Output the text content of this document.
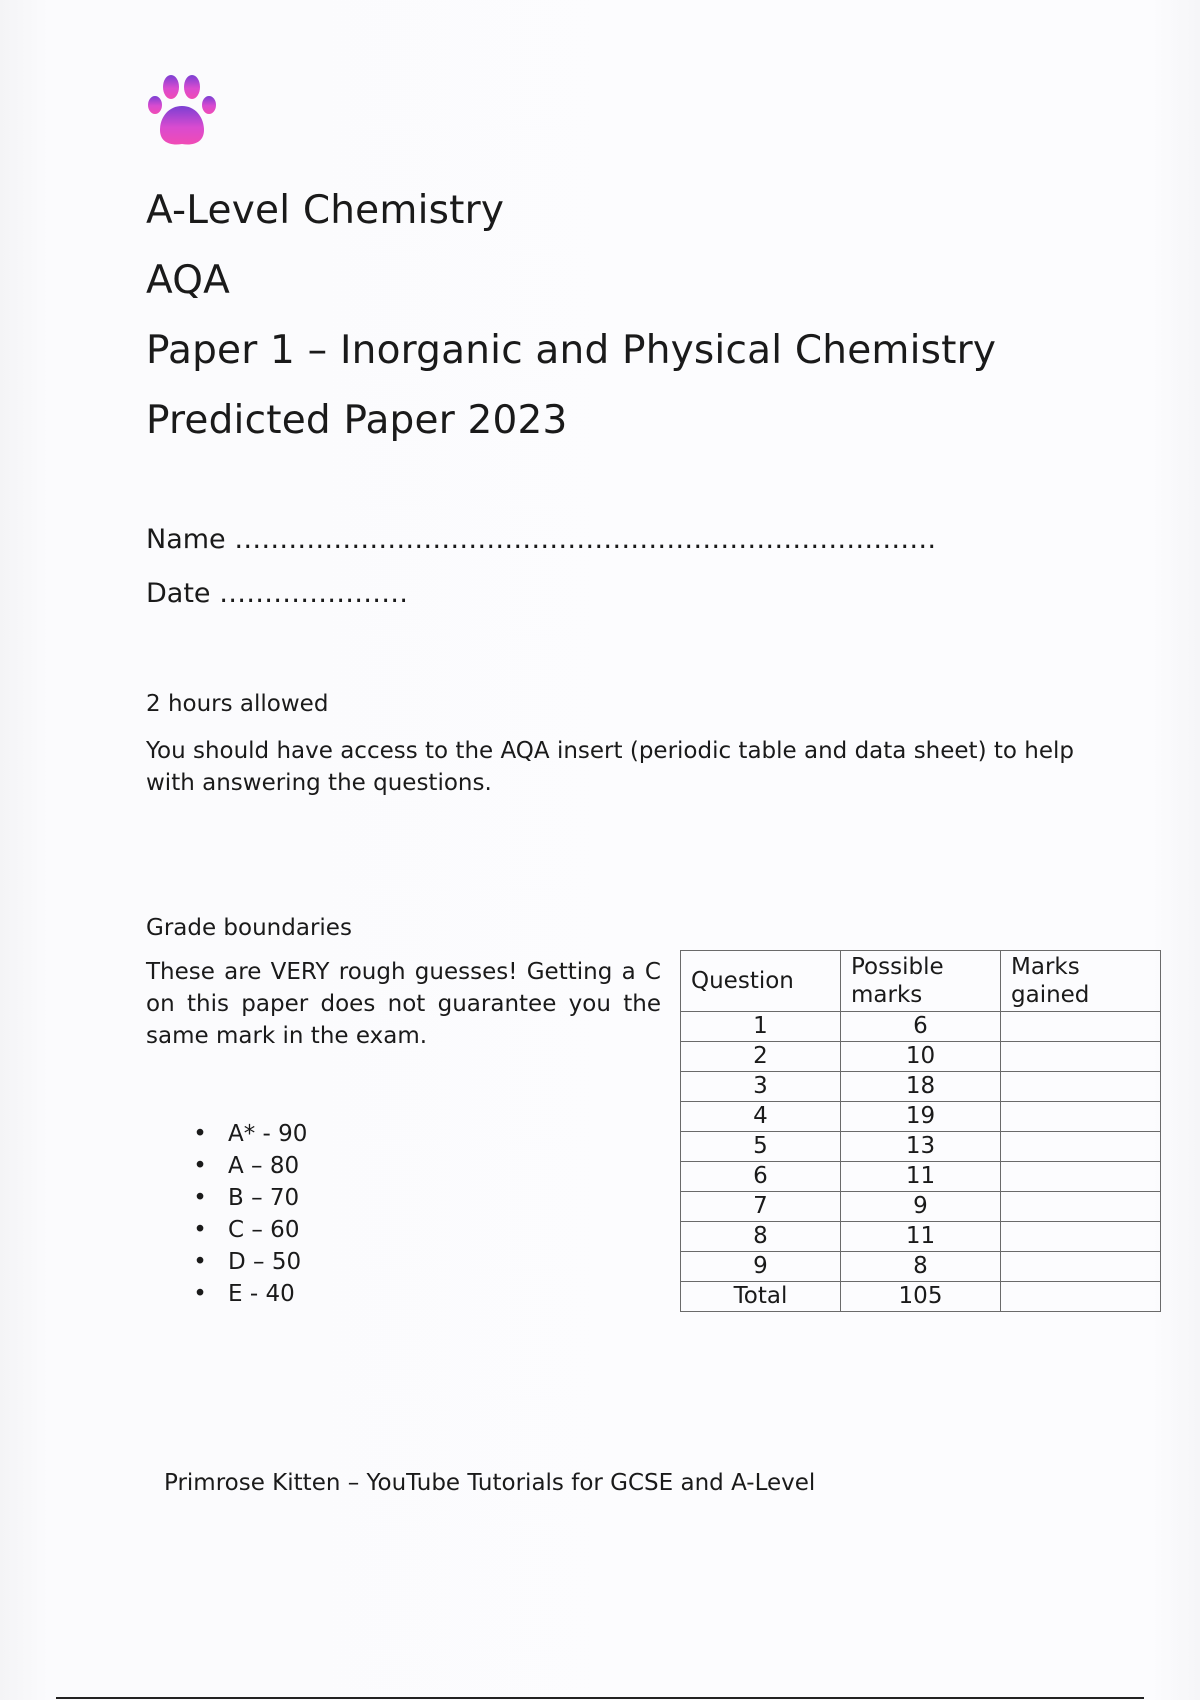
A-Level Chemistry
AQA
Paper 1 – Inorganic and Physical Chemistry
Predicted Paper 2023
Name ……………………………………………………………………
Date …………………
2 hours allowed
You should have access to the AQA insert (periodic table and data sheet) to help with answering the questions.
Grade boundaries
These are VERY rough guesses! Getting a C on this paper does not guarantee you the same mark in the exam.
• A* - 90
• A – 80
• B – 70
• C – 60
• D – 50
• E - 40
Question	Possible marks	Marks gained
1	6	
2	10	
3	18	
4	19	
5	13	
6	11	
7	9	
8	11	
9	8	
Total	105	
Primrose Kitten – YouTube Tutorials for GCSE and A-Level
